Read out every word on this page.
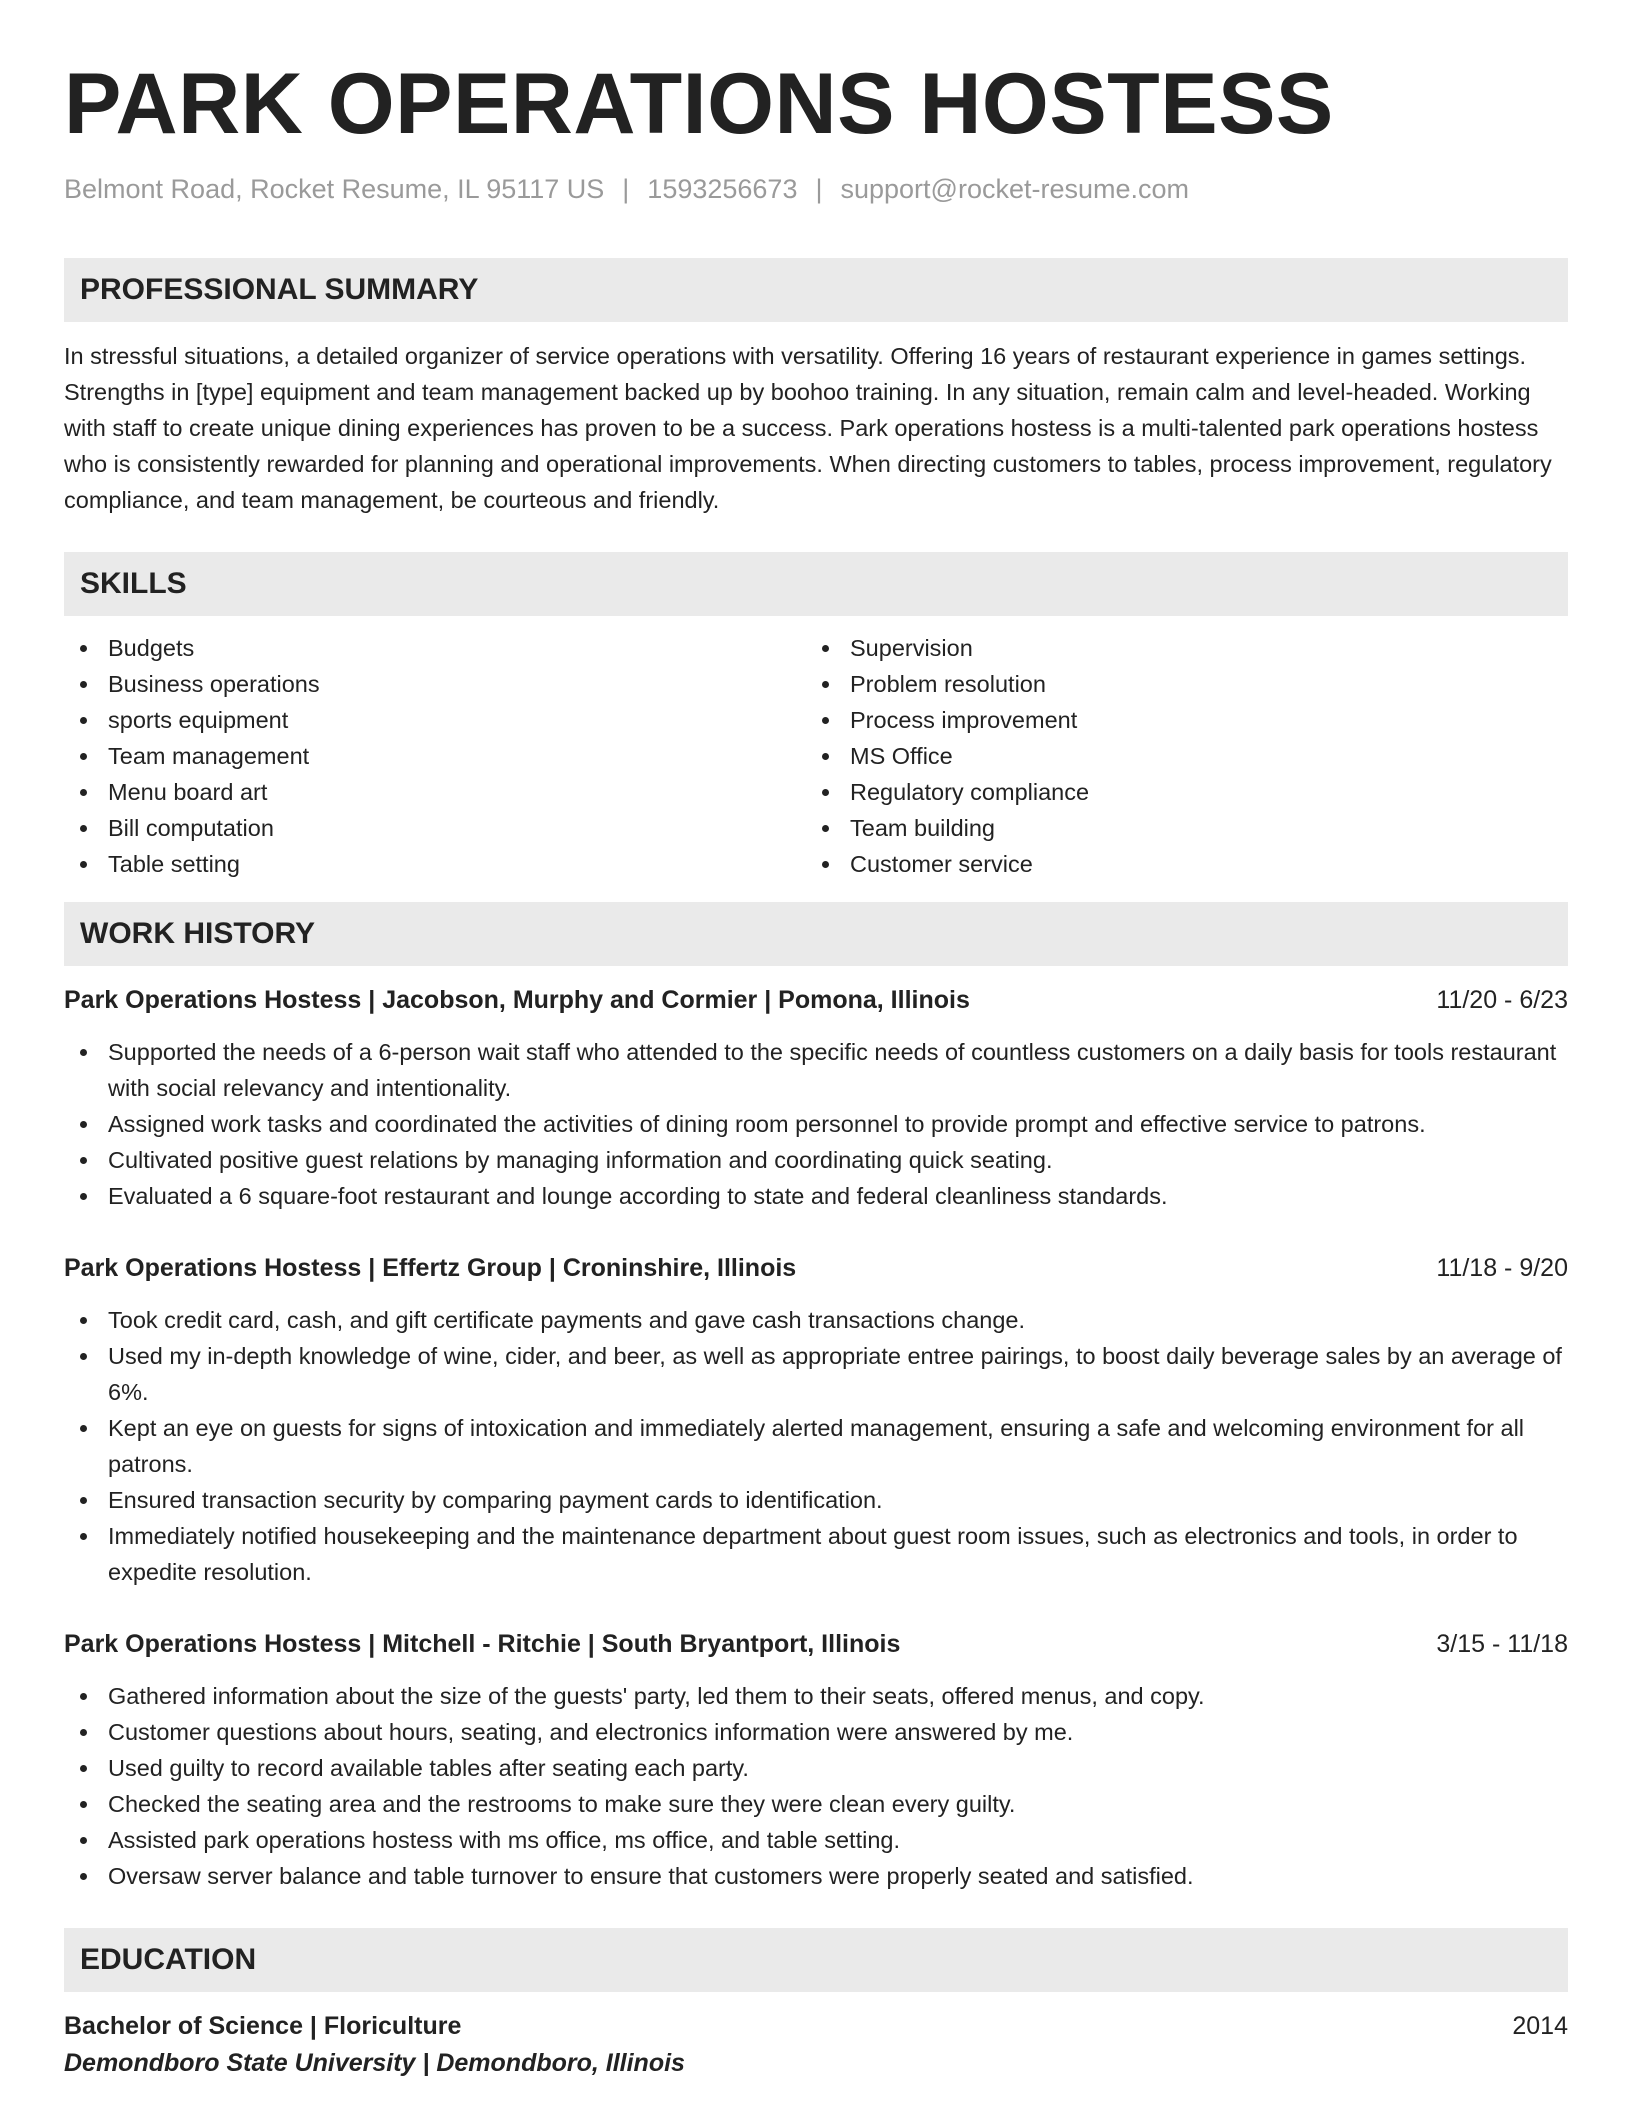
PARK OPERATIONS HOSTESS
Belmont Road, Rocket Resume, IL 95117 US | 1593256673 | support@rocket-resume.com
PROFESSIONAL SUMMARY
In stressful situations, a detailed organizer of service operations with versatility. Offering 16 years of restaurant experience in games settings. Strengths in [type] equipment and team management backed up by boohoo training. In any situation, remain calm and level-headed. Working with staff to create unique dining experiences has proven to be a success. Park operations hostess is a multi-talented park operations hostess who is consistently rewarded for planning and operational improvements. When directing customers to tables, process improvement, regulatory compliance, and team management, be courteous and friendly.
SKILLS
Budgets
Business operations
sports equipment
Team management
Menu board art
Bill computation
Table setting
Supervision
Problem resolution
Process improvement
MS Office
Regulatory compliance
Team building
Customer service
WORK HISTORY
Park Operations Hostess | Jacobson, Murphy and Cormier | Pomona, Illinois	11/20 - 6/23
Supported the needs of a 6-person wait staff who attended to the specific needs of countless customers on a daily basis for tools restaurant with social relevancy and intentionality.
Assigned work tasks and coordinated the activities of dining room personnel to provide prompt and effective service to patrons.
Cultivated positive guest relations by managing information and coordinating quick seating.
Evaluated a 6 square-foot restaurant and lounge according to state and federal cleanliness standards.
Park Operations Hostess | Effertz Group | Croninshire, Illinois	11/18 - 9/20
Took credit card, cash, and gift certificate payments and gave cash transactions change.
Used my in-depth knowledge of wine, cider, and beer, as well as appropriate entree pairings, to boost daily beverage sales by an average of 6%.
Kept an eye on guests for signs of intoxication and immediately alerted management, ensuring a safe and welcoming environment for all patrons.
Ensured transaction security by comparing payment cards to identification.
Immediately notified housekeeping and the maintenance department about guest room issues, such as electronics and tools, in order to expedite resolution.
Park Operations Hostess | Mitchell - Ritchie | South Bryantport, Illinois	3/15 - 11/18
Gathered information about the size of the guests' party, led them to their seats, offered menus, and copy.
Customer questions about hours, seating, and electronics information were answered by me.
Used guilty to record available tables after seating each party.
Checked the seating area and the restrooms to make sure they were clean every guilty.
Assisted park operations hostess with ms office, ms office, and table setting.
Oversaw server balance and table turnover to ensure that customers were properly seated and satisfied.
EDUCATION
Bachelor of Science | Floriculture	2014
Demondboro State University | Demondboro, Illinois
